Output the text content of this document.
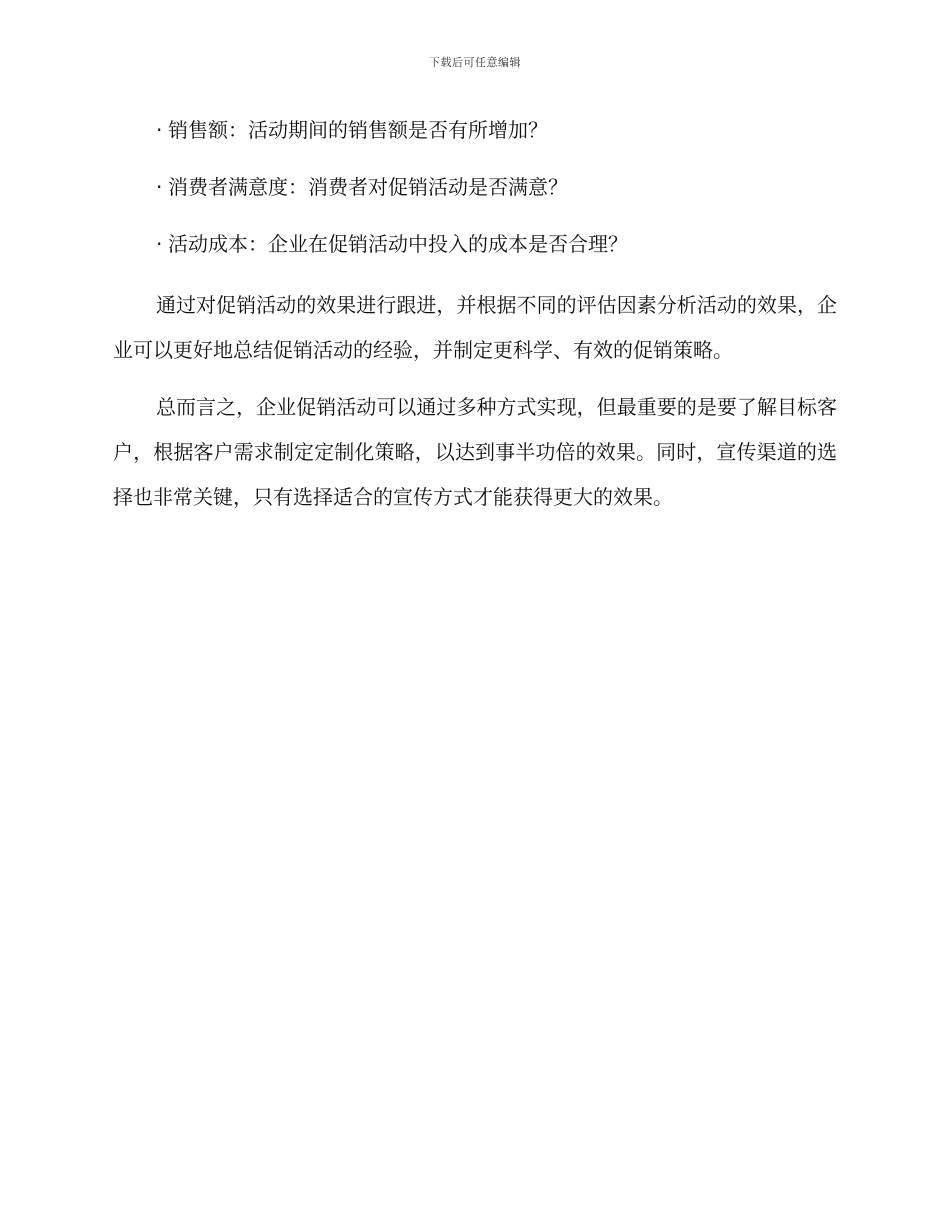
下载后可任意编辑
· 销售额：活动期间的销售额是否有所增加？
· 消费者满意度：消费者对促销活动是否满意？
· 活动成本：企业在促销活动中投入的成本是否合理？

通过对促销活动的效果进行跟进，并根据不同的评估因素分析活动的效果，企业可以更好地总结促销活动的经验，并制定更科学、有效的促销策略。

总而言之，企业促销活动可以通过多种方式实现，但最重要的是要了解目标客户，根据客户需求制定定制化策略，以达到事半功倍的效果。同时，宣传渠道的选择也非常关键，只有选择适合的宣传方式才能获得更大的效果。
